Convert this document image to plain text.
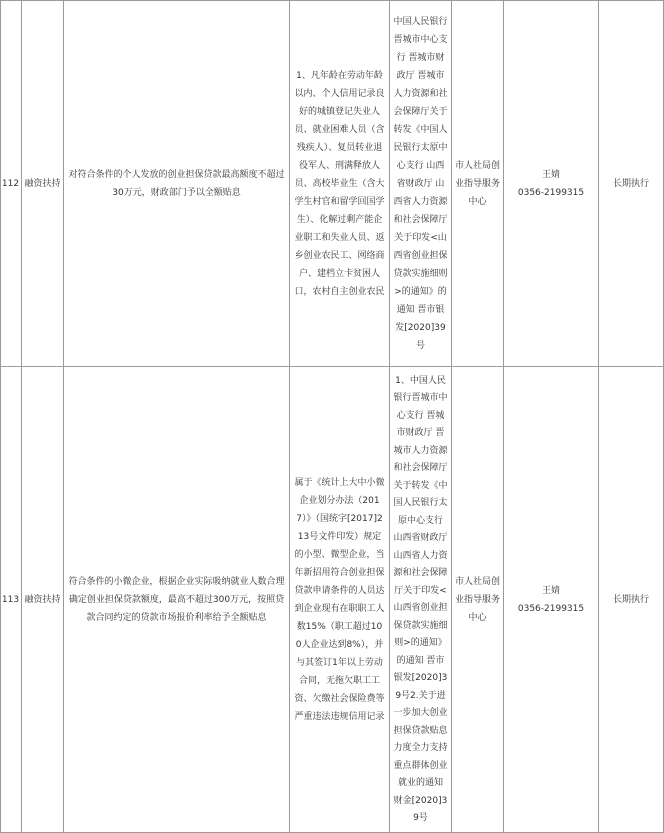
112 融资扶持
对符合条件的个人发放的创业担保贷款最高额度不超过30万元，财政部门予以全额贴息
1、凡年龄在劳动年龄以内、个人信用记录良好的城镇登记失业人员、就业困难人员（含残疾人）、复员转业退役军人、刑满释放人员、高校毕业生（含大学生村官和留学回国学生）、化解过剩产能企业职工和失业人员、返乡创业农民工、网络商户、建档立卡贫困人口，农村自主创业农民
中国人民银行晋城市中心支行 晋城市财政厅 晋城市人力资源和社会保障厅关于转发《中国人民银行太原中心支行 山西省财政厅 山西省人力资源和社会保障厅关于印发<山西省创业担保贷款实施细则>的通知》的通知 晋市银发[2020]39号
市人社局创业指导服务中心
王婧
0356-2199315
长期执行
113 融资扶持
符合条件的小微企业，根据企业实际吸纳就业人数合理确定创业担保贷款额度，最高不超过300万元，按照贷款合同约定的贷款市场报价利率给予全额贴息
属于《统计上大中小微企业划分办法（2017）》（国统字[2017]213号文件印发）规定的小型、微型企业，当年新招用符合创业担保贷款申请条件的人员达到企业现有在职职工人数15%（职工超过100人企业达到8%），并与其签订1年以上劳动合同，无拖欠职工工资、欠缴社会保险费等严重违法违规信用记录
1、中国人民银行晋城市中心支行 晋城市财政厅 晋城市人力资源和社会保障厅关于转发《中国人民银行太原中心支行 山西省财政厅 山西省人力资源和社会保障厅关于印发<山西省创业担保贷款实施细则>的通知》的通知 晋市银发[2020]39号2.关于进一步加大创业担保贷款贴息力度全力支持重点群体创业就业的通知 财金[2020]39号
市人社局创业指导服务中心
王婧
0356-2199315
长期执行
